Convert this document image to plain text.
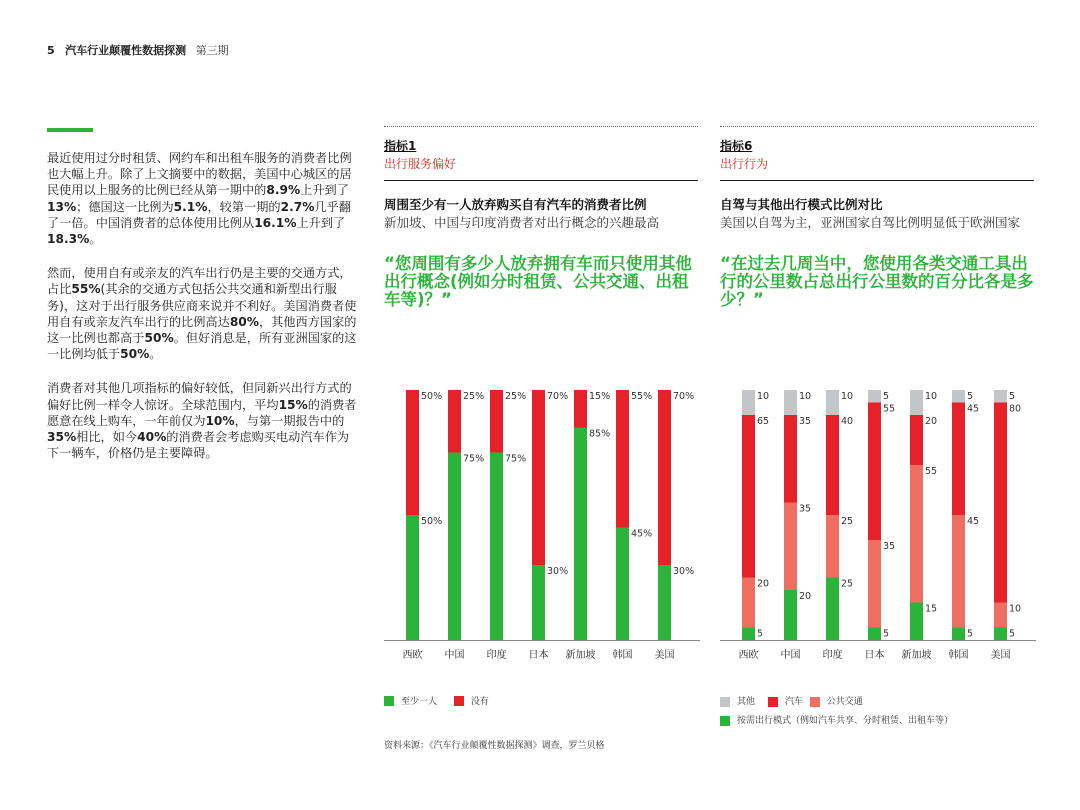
5 汽车行业颠覆性数据探测 第三期

最近使用过分时租赁、网约车和出租车服务的消费者比例也大幅上升。除了上文摘要中的数据，美国中心城区的居民使用以上服务的比例已经从第一期中的8.9%上升到了13%；德国这一比例为5.1%，较第一期的2.7%几乎翻了一倍。中国消费者的总体使用比例从16.1%上升到了18.3%。

然而，使用自有或亲友的汽车出行仍是主要的交通方式，占比55%(其余的交通方式包括公共交通和新型出行服务)，这对于出行服务供应商来说并不利好。美国消费者使用自有或亲友汽车出行的比例高达80%，其他西方国家的这一比例也都高于50%。但好消息是，所有亚洲国家的这一比例均低于50%。

消费者对其他几项指标的偏好较低，但同新兴出行方式的偏好比例一样令人惊讶。全球范围内，平均15%的消费者愿意在线上购车，一年前仅为10%，与第一期报告中的35%相比，如今40%的消费者会考虑购买电动汽车作为下一辆车，价格仍是主要障碍。

指标1
出行服务偏好
周围至少有一人放弃购买自有汽车的消费者比例
新加坡、中国与印度消费者对出行概念的兴趣最高
“您周围有多少人放弃拥有车而只使用其他出行概念(例如分时租赁、公共交通、出租车等)？”
指标6
出行行为
自驾与其他出行模式比例对比
美国以自驾为主，亚洲国家自驾比例明显低于欧洲国家
“在过去几周当中，您使用各类交通工具出行的公里数占总出行公里数的百分比各是多少？”
50%
50%
西欧
75%
25%
中国
75%
25%
印度
30%
70%
日本
85%
15%
新加坡
45%
55%
韩国
30%
70%
美国
5
20
65
10
西欧
20
35
35
10
中国
25
25
40
10
印度
5
35
55
5
日本
15
55
20
10
新加坡
5
45
45
5
韩国
5
10
80
5
美国
至少一人
	没有	其他
	汽车
	公共交通
按需出行模式（例如汽车共享、分时租赁、出租车等）
资料来源：《汽车行业颠覆性数据探测》调查，罗兰贝格
